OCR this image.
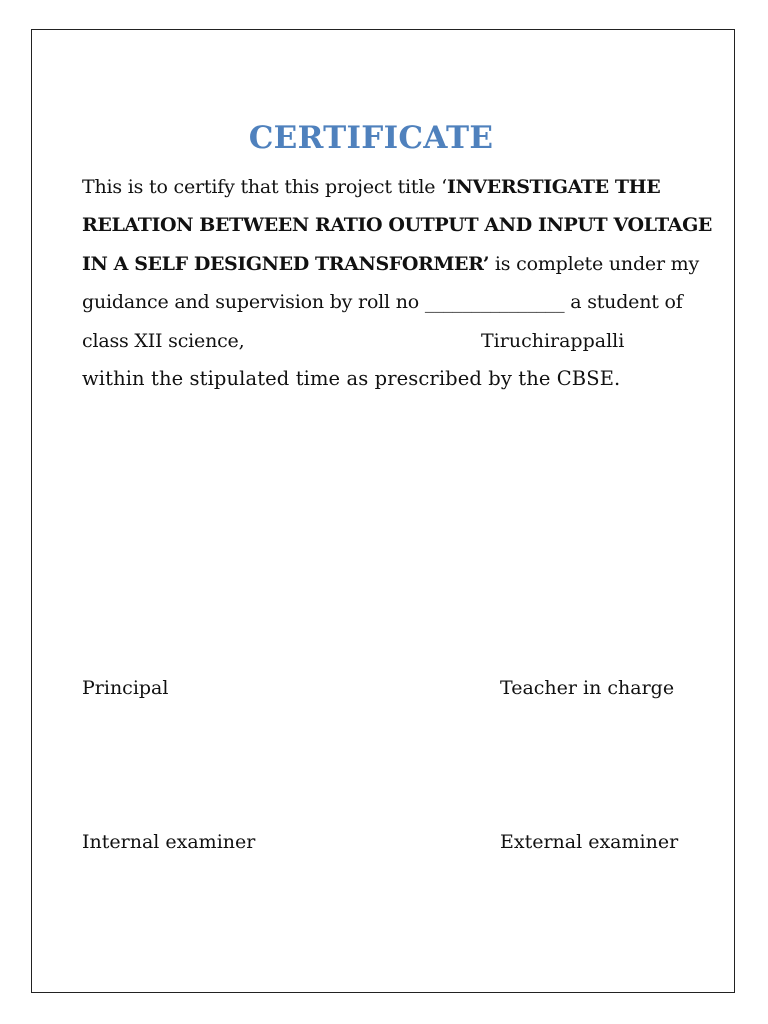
CERTIFICATE
This is to certify that this project title ‘INVERSTIGATE THE
RELATION BETWEEN RATIO OUTPUT AND INPUT VOLTAGE
IN A SELF DESIGNED TRANSFORMER’ is complete under my
guidance and supervision by roll no _______________ a student of
class XII science,	Tiruchirappalli
within the stipulated time as prescribed by the CBSE.
Principal	Teacher in charge
Internal examiner	External examiner
